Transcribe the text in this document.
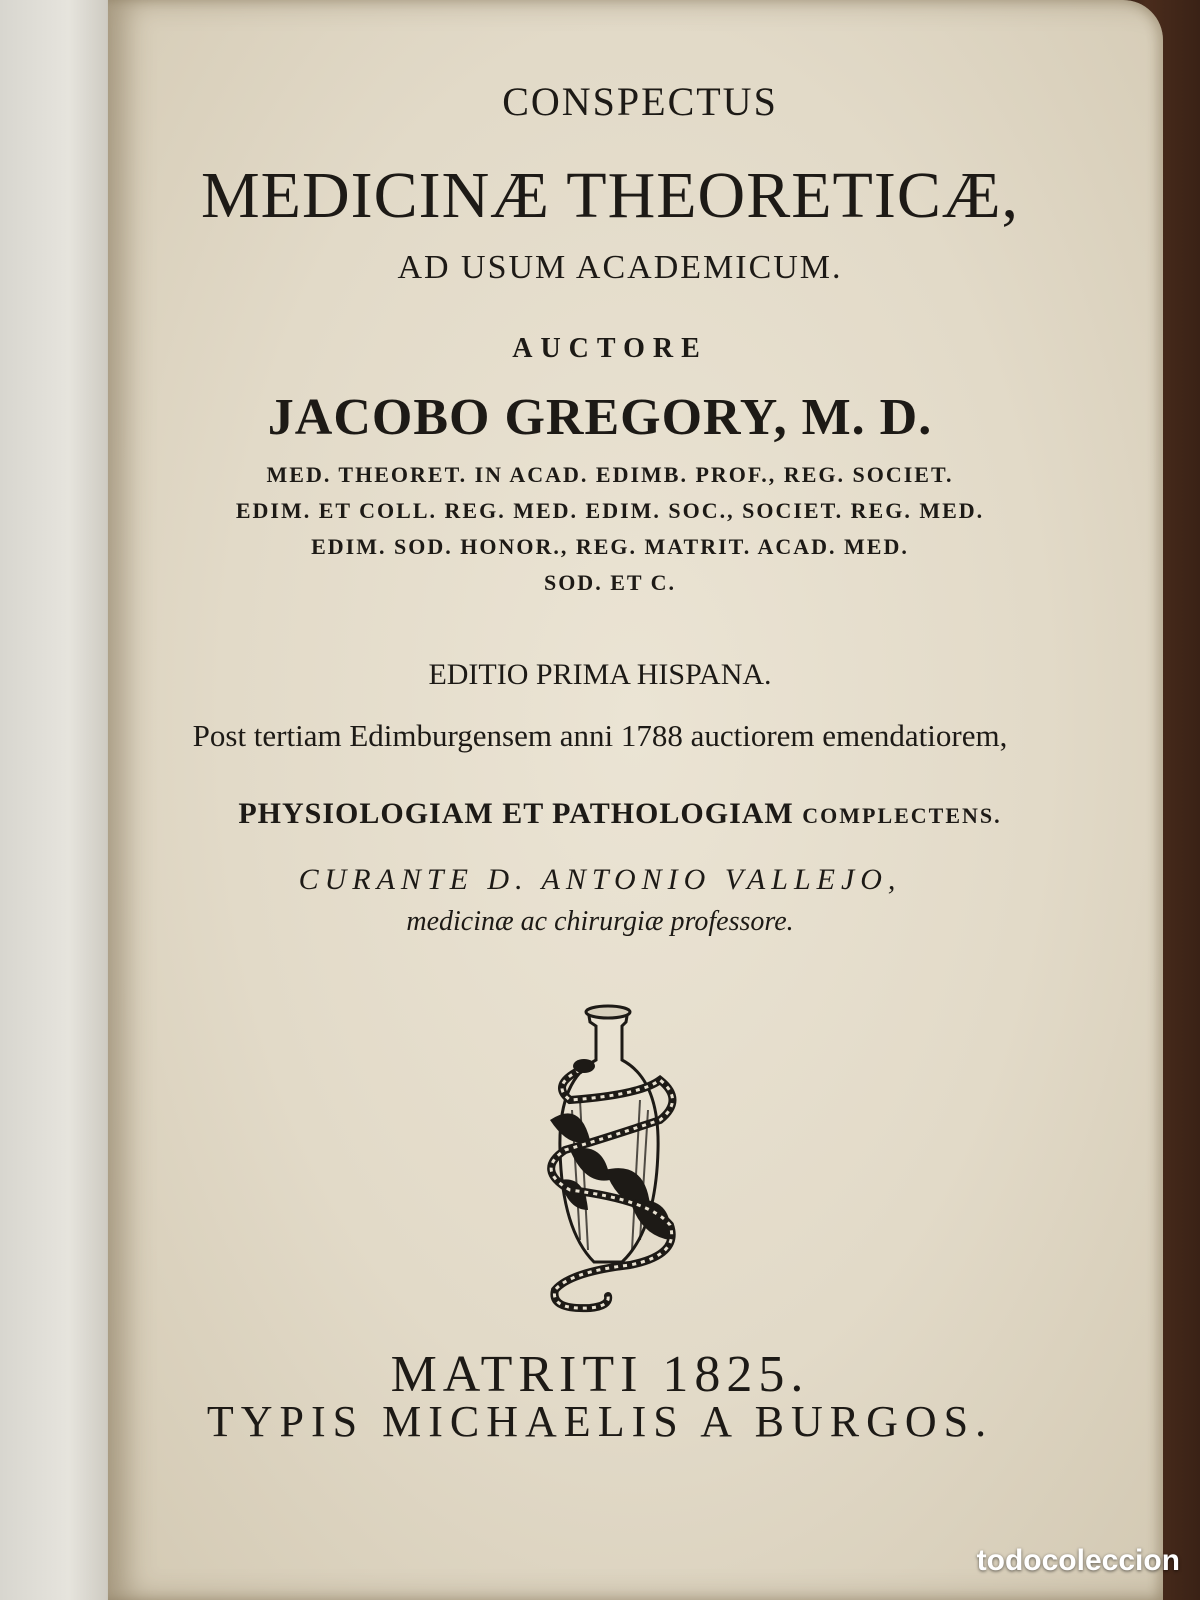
CONSPECTUS
MEDICINÆ THEORETICÆ,
AD USUM ACADEMICUM.
AUCTORE
JACOBO GREGORY, M. D.
MED. THEORET. IN ACAD. EDIMB. PROF., REG. SOCIET.
EDIM. ET COLL. REG. MED. EDIM. SOC., SOCIET. REG. MED.
EDIM. SOD. HONOR., REG. MATRIT. ACAD. MED.
SOD. ET C.
EDITIO PRIMA HISPANA.
Post tertiam Edimburgensem anni 1788 auctiorem emendatiorem,
PHYSIOLOGIAM ET PATHOLOGIAM COMPLECTENS.
CURANTE D. ANTONIO VALLEJO,
medicinæ ac chirurgiæ professore.
MATRITI 1825.
TYPIS MICHAELIS A BURGOS.
todocoleccion
